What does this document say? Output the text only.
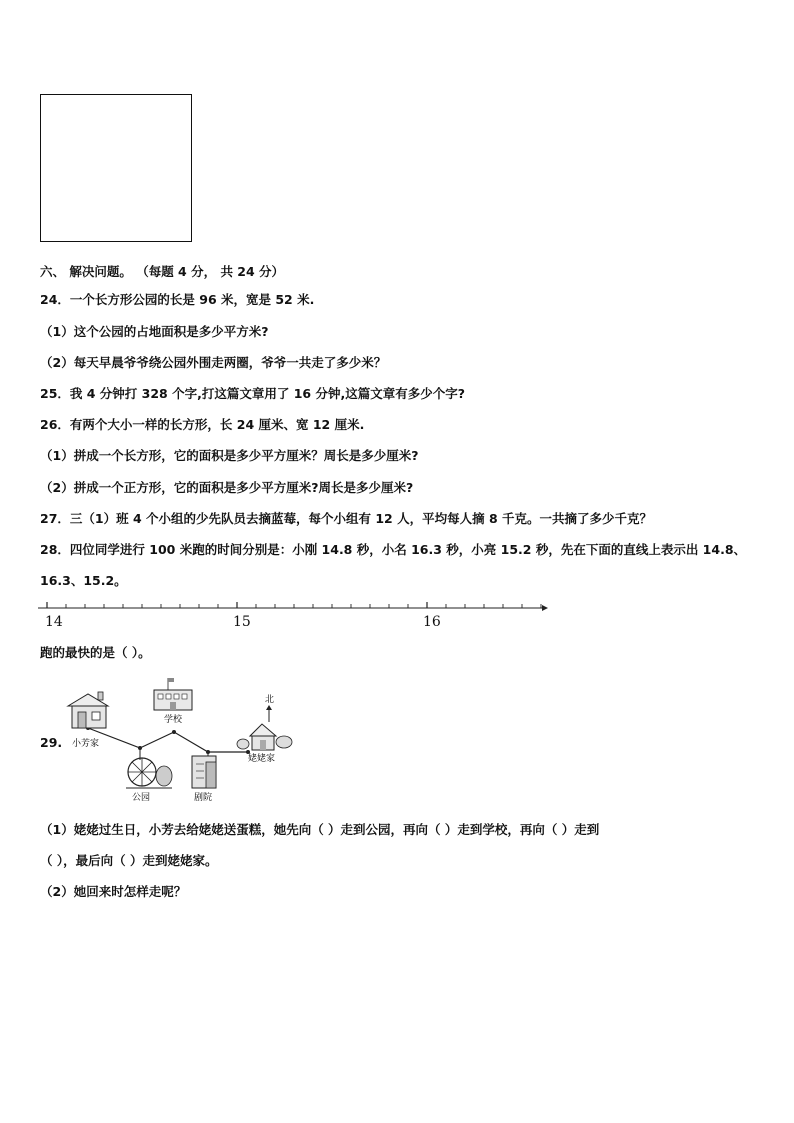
六、 解决问题。 （每题 4 分， 共 24 分）
24．一个长方形公园的长是 96 米，宽是 52 米.
（1）这个公园的占地面积是多少平方米?
（2）每天早晨爷爷绕公园外围走两圈，爷爷一共走了多少米？
25．我 4 分钟打 328 个字,打这篇文章用了 16 分钟,这篇文章有多少个字?
26．有两个大小一样的长方形，长 24 厘米、宽 12 厘米.
（1）拼成一个长方形，它的面积是多少平方厘米？周长是多少厘米?
（2）拼成一个正方形，它的面积是多少平方厘米?周长是多少厘米?
27．三（1）班 4 个小组的少先队员去摘蓝莓，每个小组有 12 人，平均每人摘 8 千克。一共摘了多少千克？
28．四位同学进行 100 米跑的时间分别是：小刚 14.8 秒，小名 16.3 秒，小亮 15.2 秒，先在下面的直线上表示出 14.8、
16.3、15.2。
14	15	16
跑的最快的是（ ）。
29. 小芳家
学校
北
姥姥家
公园	剧院
（1）姥姥过生日，小芳去给姥姥送蛋糕，她先向（ ）走到公园，再向（ ）走到学校，再向（ ）走到
（ ），最后向（ ）走到姥姥家。
（2）她回来时怎样走呢？
